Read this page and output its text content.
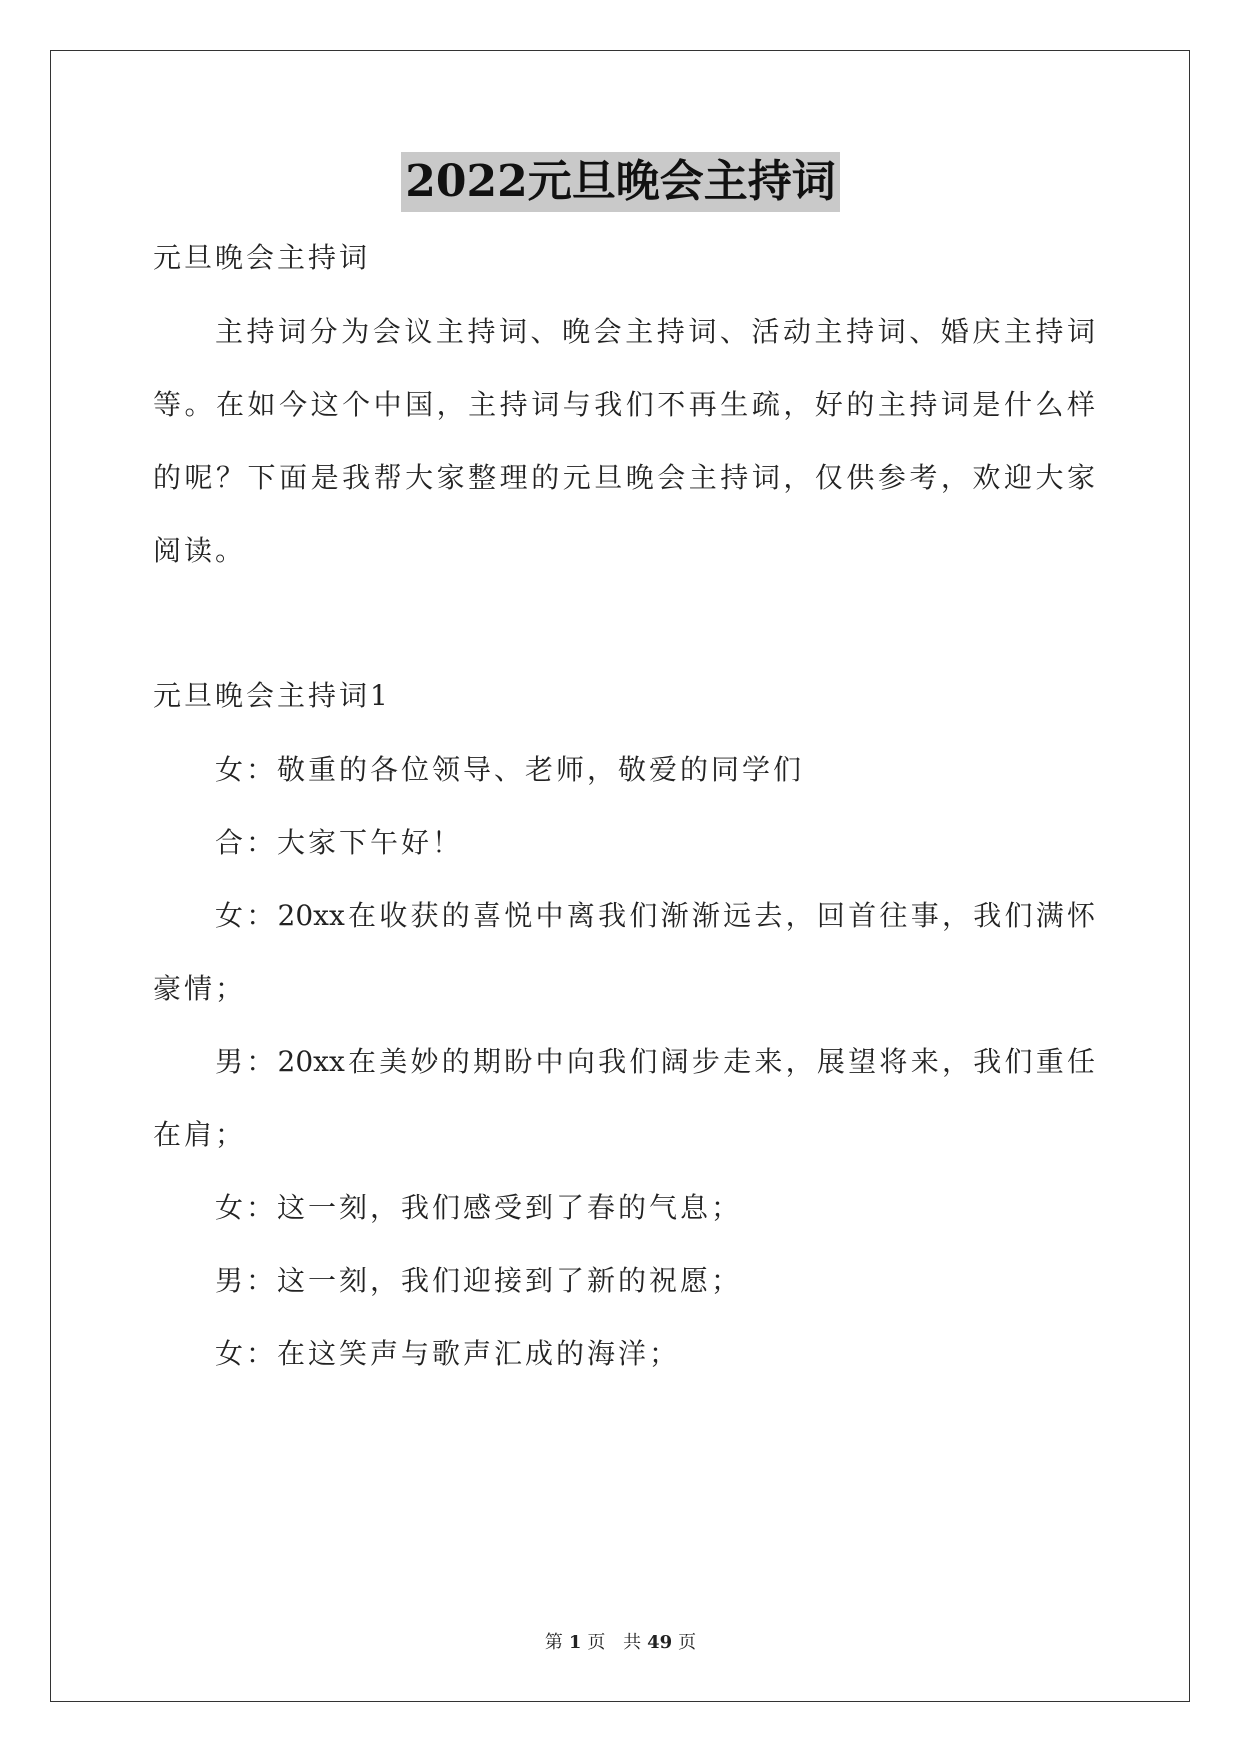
2022元旦晚会主持词
元旦晚会主持词
主持词分为会议主持词、晚会主持词、活动主持词、婚庆主持词
等。在如今这个中国，主持词与我们不再生疏，好的主持词是什么样
的呢？下面是我帮大家整理的元旦晚会主持词，仅供参考，欢迎大家
阅读。
元旦晚会主持词1
女：敬重的各位领导、老师，敬爱的同学们
合：大家下午好！
女：20xx在收获的喜悦中离我们渐渐远去，回首往事，我们满怀
豪情；
男：20xx在美妙的期盼中向我们阔步走来，展望将来，我们重任
在肩；
女：这一刻，我们感受到了春的气息；
男：这一刻，我们迎接到了新的祝愿；
女：在这笑声与歌声汇成的海洋；
第 1 页 共 49 页
